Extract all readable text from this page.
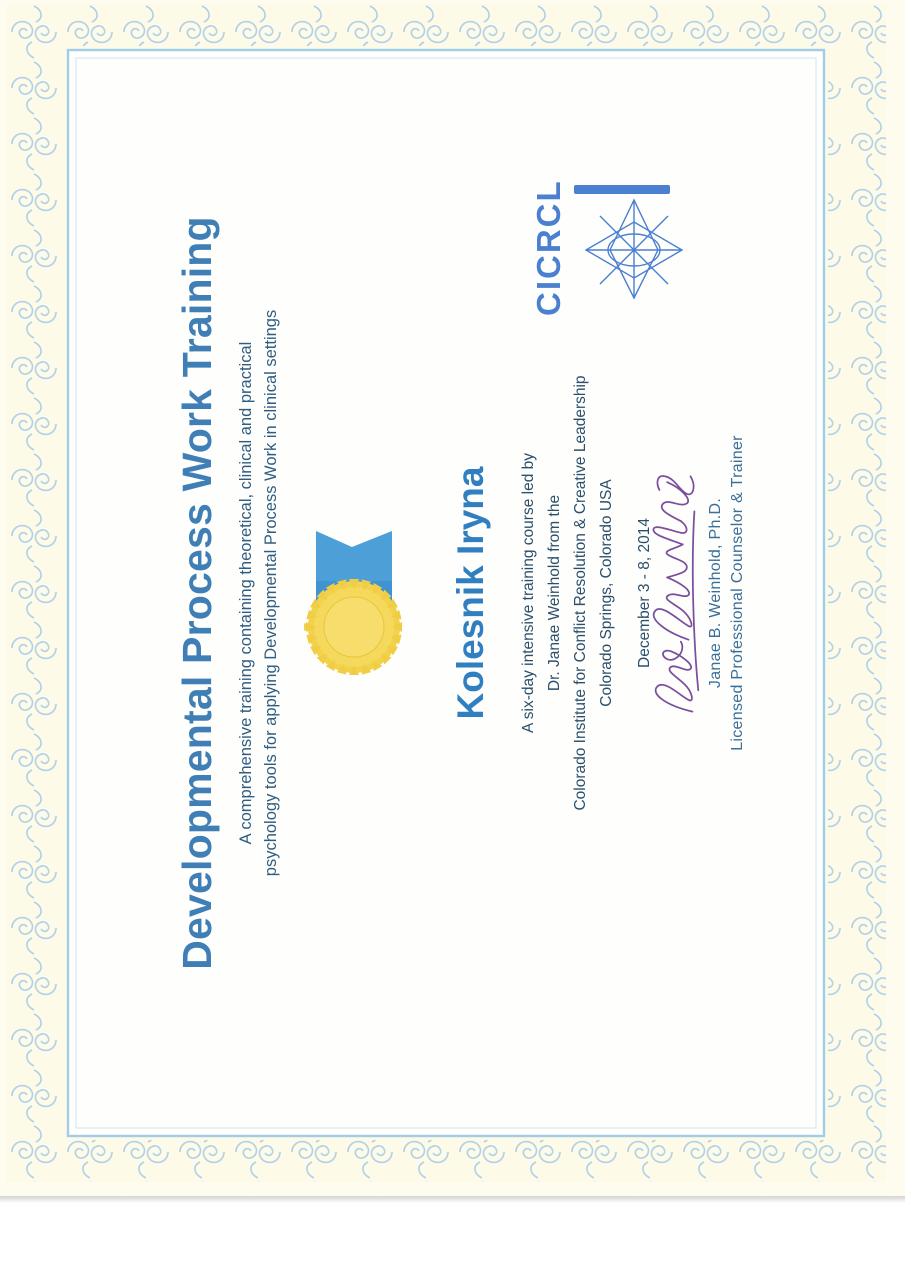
Developmental Process Work Training A comprehensive training containing theoretical, clinical and practical psychology tools for applying Developmental Process Work in clinical settings	Kolesnik Iryna A six-day intensive training course led by Dr. Janae Weinhold from the Colorado Institute for Conflict Resolution & Creative Leadership Colorado Springs, Colorado USA	December 3 - 8, 2014	Janae B. Weinhold, Ph.D. Licensed Professional Counselor & Trainer
CICRCL
